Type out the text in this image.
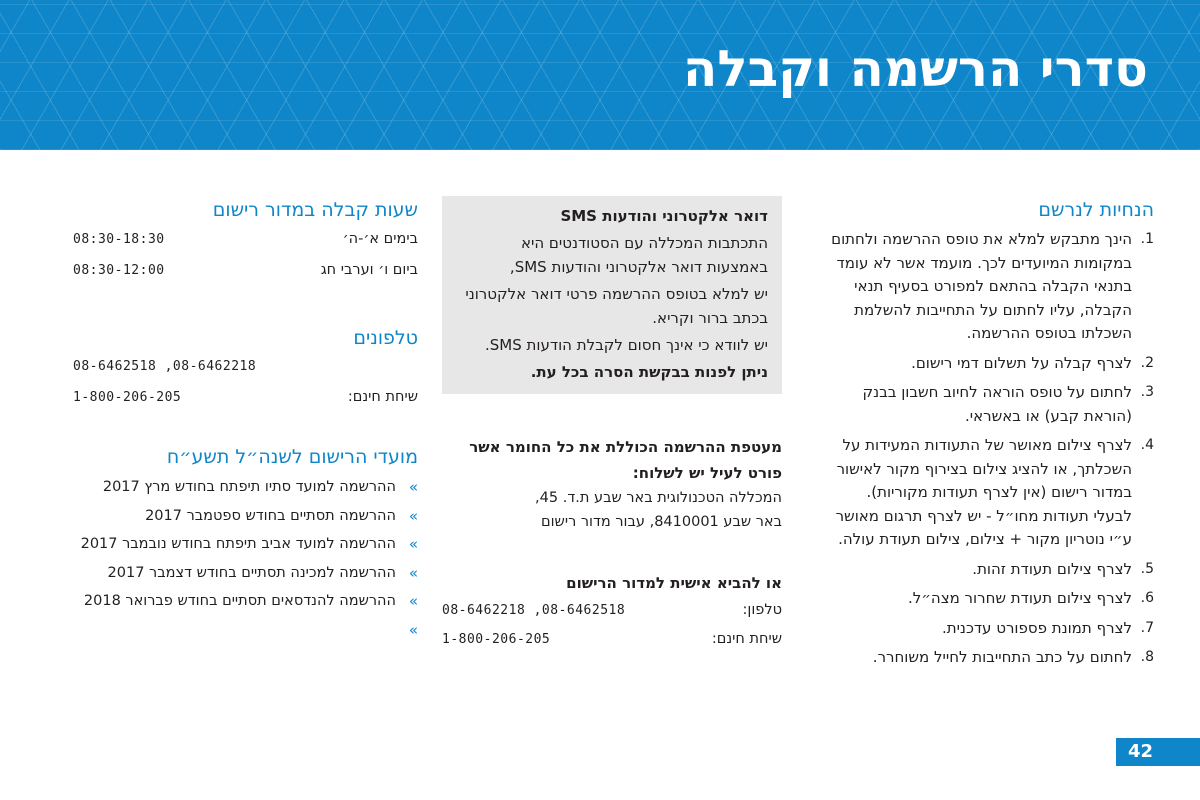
סדרי הרשמה וקבלה
הנחיות לנרשם
1.
הינך מתבקש למלא את טופס ההרשמה ולחתום במקומות המיועדים לכך. מועמד אשר לא עומד בתנאי הקבלה בהתאם למפורט בסעיף תנאי הקבלה, עליו לחתום על התחייבות להשלמת השכלתו בטופס ההרשמה.
2.
לצרף קבלה על תשלום דמי רישום.
3.
לחתום על טופס הוראה לחיוב חשבון בבנק (הוראת קבע) או באשראי.
4.
לצרף צילום מאושר של התעודות המעידות על השכלתך, או להציג צילום בצירוף מקור לאישור במדור רישום (אין לצרף תעודות מקוריות). לבעלי תעודות מחו״ל - יש לצרף תרגום מאושר ע״י נוטריון מקור + צילום, צילום תעודת עולה.
5.
לצרף צילום תעודת זהות.
6.
לצרף צילום תעודת שחרור מצה״ל.
7.
לצרף תמונת פספורט עדכנית.
8.
לחתום על כתב התחייבות לחייל משוחרר.
דואר אלקטרוני והודעות SMS

התכתבות המכללה עם הסטודנטים היא באמצעות דואר אלקטרוני והודעות SMS,

יש למלא בטופס ההרשמה פרטי דואר אלקטרוני בכתב ברור וקריא.

יש לוודא כי אינך חסום לקבלת הודעות SMS.

ניתן לפנות בבקשת הסרה בכל עת.

מעטפת ההרשמה הכוללת את כל החומר אשר פורט לעיל יש לשלוח:

המכללה הטכנולוגית באר שבע ת.ד. 45,

באר שבע 8410001, עבור מדור רישום

או להביא אישית למדור הרישום
טלפון:
08-6462218 ,08-6462518
שיחת חינם:
1-800-206-205
שעות קבלה במדור רישום
בימים א׳-ה׳
08:30-18:30
ביום ו׳ וערבי חג
08:30-12:00
טלפונים
08-6462518 ,08-6462218
שיחת חינם:
1-800-206-205
מועדי הרישום לשנה״ל תשע״ח
»
ההרשמה למועד סתיו תיפתח בחודש מרץ 2017
»
ההרשמה תסתיים בחודש ספטמבר 2017
»
ההרשמה למועד אביב תיפתח בחודש נובמבר 2017
»
ההרשמה למכינה תסתיים בחודש דצמבר 2017
»
ההרשמה להנדסאים תסתיים בחודש פברואר 2018
»
42
